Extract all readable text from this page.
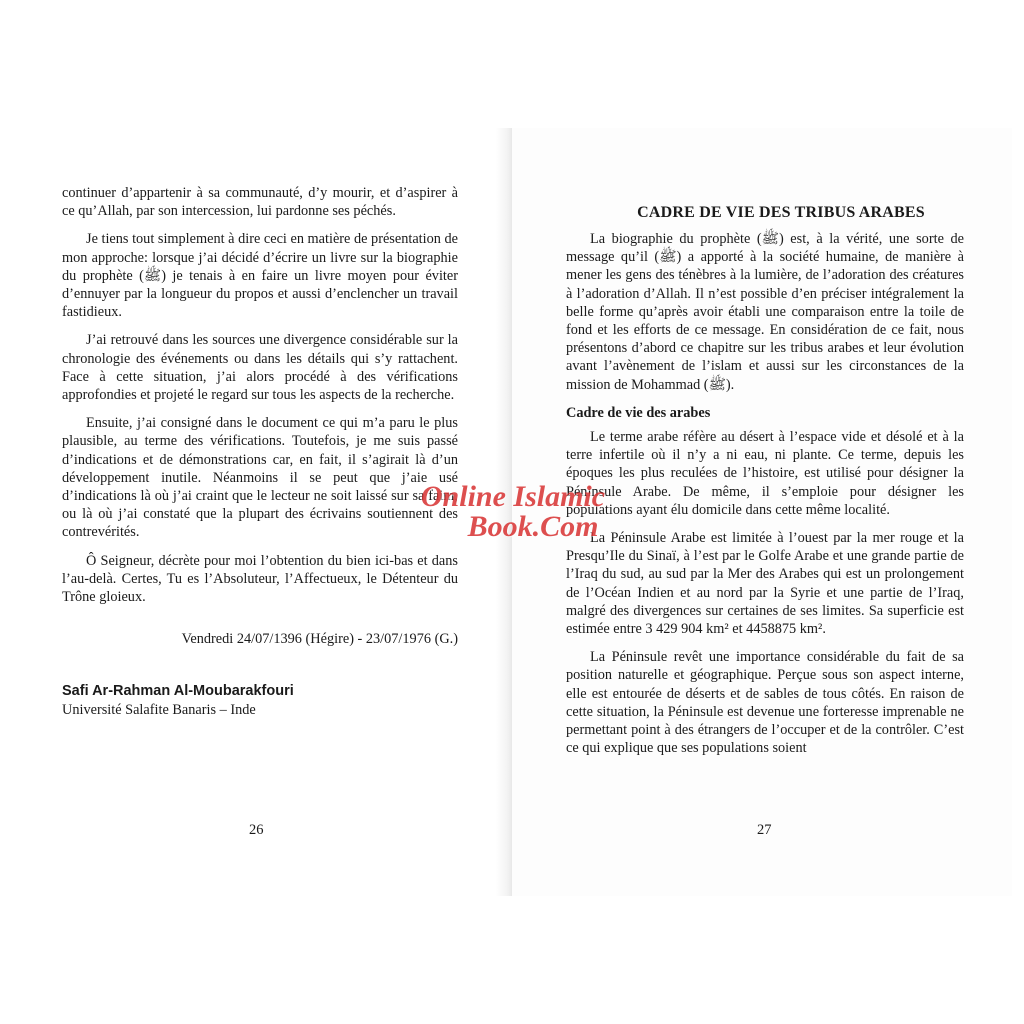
continuer d’appartenir à sa communauté, d’y mourir, et d’aspirer à ce qu’Allah, par son intercession, lui pardonne ses péchés.

Je tiens tout simplement à dire ceci en matière de présentation de mon approche: lorsque j’ai décidé d’écrire un livre sur la biographie du prophète (ﷺ) je tenais à en faire un livre moyen pour éviter d’ennuyer par la longueur du propos et aussi d’enclencher un travail fastidieux.

J’ai retrouvé dans les sources une divergence considérable sur la chronologie des événements ou dans les détails qui s’y rattachent. Face à cette situation, j’ai alors procédé à des vérifications approfondies et projeté le regard sur tous les aspects de la recherche.

Ensuite, j’ai consigné dans le document ce qui m’a paru le plus plausible, au terme des vérifications. Toutefois, je me suis passé d’indications et de démonstrations car, en fait, il s’agirait là d’un développement inutile. Néanmoins il se peut que j’aie usé d’indications là où j’ai craint que le lecteur ne soit laissé sur sa faim, ou là où j’ai constaté que la plupart des écrivains soutiennent des contrevérités.

Ô Seigneur, décrète pour moi l’obtention du bien ici-bas et dans l’au-delà. Certes, Tu es l’Absoluteur, l’Affectueux, le Détenteur du Trône gloieux.

Vendredi 24/07/1396 (Hégire) - 23/07/1976 (G.)

Safi Ar-Rahman Al-Moubarakfouri
Université Salafite Banaris – Inde
26
CADRE DE VIE DES TRIBUS ARABES

La biographie du prophète (ﷺ) est, à la vérité, une sorte de message qu’il (ﷺ) a apporté à la société humaine, de manière à mener les gens des ténèbres à la lumière, de l’adoration des créatures à l’adoration d’Allah. Il n’est possible d’en préciser intégralement la belle forme qu’après avoir établi une comparaison entre la toile de fond et les efforts de ce message. En considération de ce fait, nous présentons d’abord ce chapitre sur les tribus arabes et leur évolution avant l’avènement de l’islam et aussi sur les circonstances de la mission de Mohammad (ﷺ).

Cadre de vie des arabes

Le terme arabe réfère au désert à l’espace vide et désolé et à la terre infertile où il n’y a ni eau, ni plante. Ce terme, depuis les époques les plus reculées de l’histoire, est utilisé pour désigner la Péninsule Arabe. De même, il s’emploie pour désigner les populations ayant élu domicile dans cette même localité.

La Péninsule Arabe est limitée à l’ouest par la mer rouge et la Presqu’Ile du Sinaï, à l’est par le Golfe Arabe et une grande partie de l’Iraq du sud, au sud par la Mer des Arabes qui est un prolongement de l’Océan Indien et au nord par la Syrie et une partie de l’Iraq, malgré des divergences sur certaines de ses limites. Sa superficie est estimée entre 3 429 904 km² et 4458875 km².

La Péninsule revêt une importance considérable du fait de sa position naturelle et géographique. Perçue sous son aspect interne, elle est entourée de déserts et de sables de tous côtés. En raison de cette situation, la Péninsule est devenue une forteresse imprenable ne permettant point à des étrangers de l’occuper et de la contrôler. C’est ce qui explique que ses populations soient

27
Online Islamic
Book.Com
